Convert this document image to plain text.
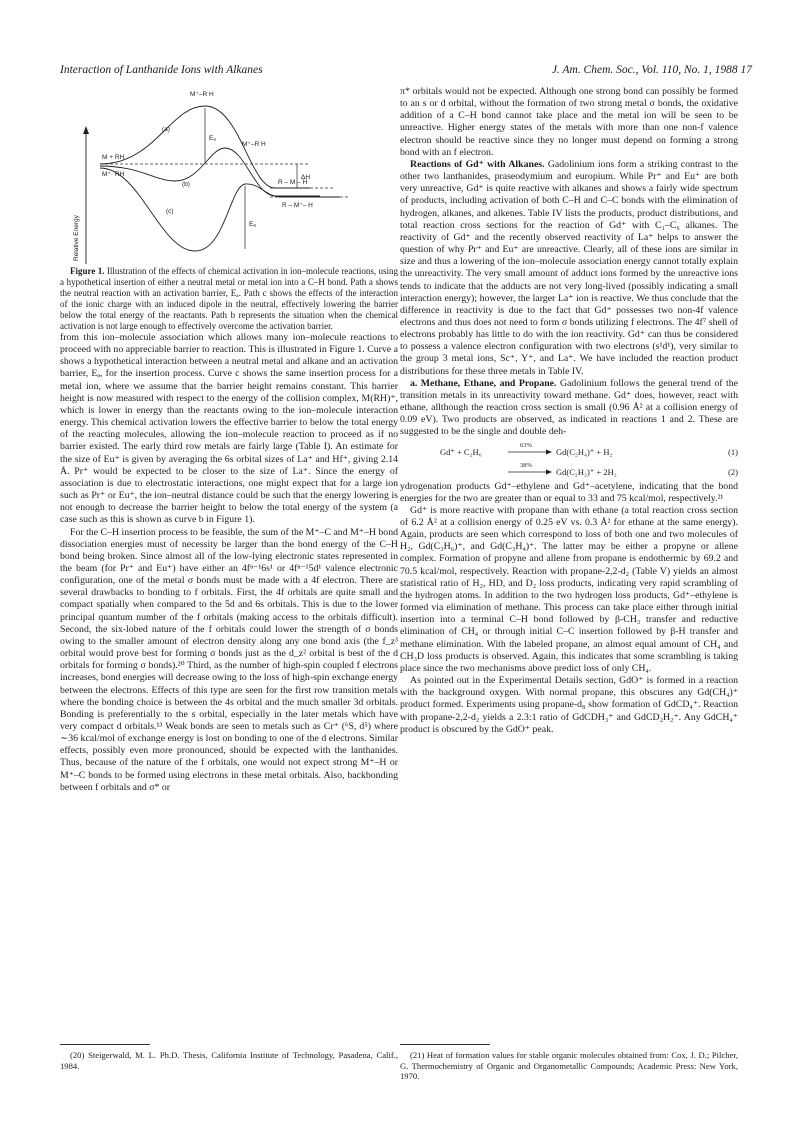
Interaction of Lanthanide Ions with Alkanes	J. Am. Chem. Soc., Vol. 110, No. 1, 1988 17
Relative Energy
M⁺–R H
(a)
(b)
(c)
Eₐ
Eₐ
M + RH
M⁺· RH
M⁺–R H
ΔH
R – M – H
R – M⁺– H

Figure 1. Illustration of the effects of chemical activation in ion–molecule reactions, using a hypothetical insertion of either a neutral metal or metal ion into a C–H bond. Path a shows the neutral reaction with an activation barrier, Eₐ. Path c shows the effects of the interaction of the ionic charge with an induced dipole in the neutral, effectively lowering the barrier below the total energy of the reactants. Path b represents the situation when the chemical activation is not large enough to effectively overcome the activation barrier.

from this ion–molecule association which allows many ion–molecule reactions to proceed with no appreciable barrier to reaction. This is illustrated in Figure 1. Curve a shows a hypothetical interaction between a neutral metal and alkane and an activation barrier, Eₐ, for the insertion process. Curve c shows the same insertion process for a metal ion, where we assume that the barrier height remains constant. This barrier height is now measured with respect to the energy of the collision complex, M(RH)⁺, which is lower in energy than the reactants owing to the ion–molecule interaction energy. This chemical activation lowers the effective barrier to below the total energy of the reacting molecules, allowing the ion–molecule reaction to proceed as if no barrier existed. The early third row metals are fairly large (Table I). An estimate for the size of Eu⁺ is given by averaging the 6s orbital sizes of La⁺ and Hf⁺, giving 2.14 Å. Pr⁺ would be expected to be closer to the size of La⁺. Since the energy of association is due to electrostatic interactions, one might expect that for a large ion such as Pr⁺ or Eu⁺, the ion–neutral distance could be such that the energy lowering is not enough to decrease the barrier height to below the total energy of the system (a case such as this is shown as curve b in Figure 1).

For the C–H insertion process to be feasible, the sum of the M⁺–C and M⁺–H bond dissociation energies must of necessity be larger than the bond energy of the C–H bond being broken. Since almost all of the low-lying electronic states represented in the beam (for Pr⁺ and Eu⁺) have either an 4fⁿ⁻¹6s¹ or 4fⁿ⁻¹5d¹ valence electronic configuration, one of the metal σ bonds must be made with a 4f electron. There are several drawbacks to bonding to f orbitals. First, the 4f orbitals are quite small and compact spatially when compared to the 5d and 6s orbitals. This is due to the lower principal quantum number of the f orbitals (making access to the orbitals difficult). Second, the six-lobed nature of the f orbitals could lower the strength of σ bonds owing to the smaller amount of electron density along any one bond axis (the f_z³ orbital would prove best for forming σ bonds just as the d_z² orbital is best of the d orbitals for forming σ bonds).²⁰ Third, as the number of high-spin coupled f electrons increases, bond energies will decrease owing to the loss of high-spin exchange energy between the electrons. Effects of this type are seen for the first row transition metals where the bonding choice is between the 4s orbital and the much smaller 3d orbitals. Bonding is preferentially to the s orbital, especially in the later metals which have very compact d orbitals.¹³ Weak bonds are seen to metals such as Cr⁺ (⁶S, d⁵) where ∼36 kcal/mol of exchange energy is lost on bonding to one of the d electrons. Similar effects, possibly even more pronounced, should be expected with the lanthanides. Thus, because of the nature of the f orbitals, one would not expect strong M⁺–H or M⁺–C bonds to be formed using electrons in these metal orbitals. Also, backbonding between f orbitals and σ* or

π* orbitals would not be expected. Although one strong bond can possibly be formed to an s or d orbital, without the formation of two strong metal σ bonds, the oxidative addition of a C–H bond cannot take place and the metal ion will be seen to be unreactive. Higher energy states of the metals with more than one non-f valence electron should be reactive since they no longer must depend on forming a strong bond with an f electron.

Reactions of Gd⁺ with Alkanes. Gadolinium ions form a striking contrast to the other two lanthanides, praseodymium and europium. While Pr⁺ and Eu⁺ are both very unreactive, Gd⁺ is quite reactive with alkanes and shows a fairly wide spectrum of products, including activation of both C–H and C–C bonds with the elimination of hydrogen, alkanes, and alkenes. Table IV lists the products, product distributions, and total reaction cross sections for the reaction of Gd⁺ with C₁–C₆ alkanes. The reactivity of Gd⁺ and the recently observed reactivity of La⁺ helps to answer the question of why Pr⁺ and Eu⁺ are unreactive. Clearly, all of these ions are similar in size and thus a lowering of the ion–molecule association energy cannot totally explain the unreactivity. The very small amount of adduct ions formed by the unreactive ions tends to indicate that the adducts are not very long-lived (possibly indicating a small interaction energy); however, the larger La⁺ ion is reactive. We thus conclude that the difference in reactivity is due to the fact that Gd⁺ possesses two non-4f valence electrons and thus does not need to form σ bonds utilizing f electrons. The 4f⁷ shell of electrons probably has little to do with the ion reactivity. Gd⁺ can thus be considered to possess a valence electron configuration with two electrons (s¹d¹), very similar to the group 3 metal ions, Sc⁺, Y⁺, and La⁺. We have included the reaction product distributions for these three metals in Table IV.

a. Methane, Ethane, and Propane. Gadolinium follows the general trend of the transition metals in its unreactivity toward methane. Gd⁺ does, however, react with ethane, allthough the reaction cross section is small (0.96 Å² at a collision energy of 0.09 eV). Two products are observed, as indicated in reactions 1 and 2. These are suggested to be the single and double deh-

Gd⁺ + C₂H₆
63%
Gd(C₂H₄)⁺ + H₂	(1)
38%
Gd(C₂H₂)⁺ + 2H₂	(2)

ydrogenation products Gd⁺–ethylene and Gd⁺–acetylene, indicating that the bond energies for the two are greater than or equal to 33 and 75 kcal/mol, respectively.²¹

Gd⁺ is more reactive with propane than with ethane (a total reaction cross section of 6.2 Å² at a collision energy of 0.25 eV vs. 0.3 Å² for ethane at the same energy). Again, products are seen which correspond to loss of both one and two molecules of H₂, Gd(C₃H₆)⁺, and Gd(C₃H₄)⁺. The latter may be either a propyne or allene complex. Formation of propyne and allene from propane is endothermic by 69.2 and 70.5 kcal/mol, respectively. Reaction with propane-2,2-d₂ (Table V) yields an almost statistical ratio of H₂, HD, and D₂ loss products, indicating very rapid scrambling of the hydrogen atoms. In addition to the two hydrogen loss products, Gd⁺–ethylene is formed via elimination of methane. This process can take place either through initial insertion into a terminal C–H bond followed by β-CH₃ transfer and reductive elimination of CH₄ or through initial C–C insertion followed by β-H transfer and methane elimination. With the labeled propane, an almost equal amount of CH₄ and CH₃D loss products is observed. Again, this indicates that some scrambling is taking place since the two mechanisms above predict loss of only CH₄.

As pointed out in the Experimental Details section, GdO⁺ is formed in a reaction with the background oxygen. With normal propane, this obscures any Gd(CH₄)⁺ product formed. Experiments using propane-d₈ show formation of GdCD₄⁺. Reaction with propane-2,2-d₂ yields a 2.3:1 ratio of GdCDH₃⁺ and GdCD₂H₂⁺. Any GdCH₄⁺ product is obscured by the GdO⁺ peak.

(20) Steigerwald, M. L. Ph.D. Thesis, California Institute of Technology, Pasadena, Calif., 1984.

(21) Heat of formation values for stable organic molecules obtained from: Cox, J. D.; Pilcher, G. Thermochemistry of Organic and Organometallic Compounds; Academic Press: New York, 1970.
